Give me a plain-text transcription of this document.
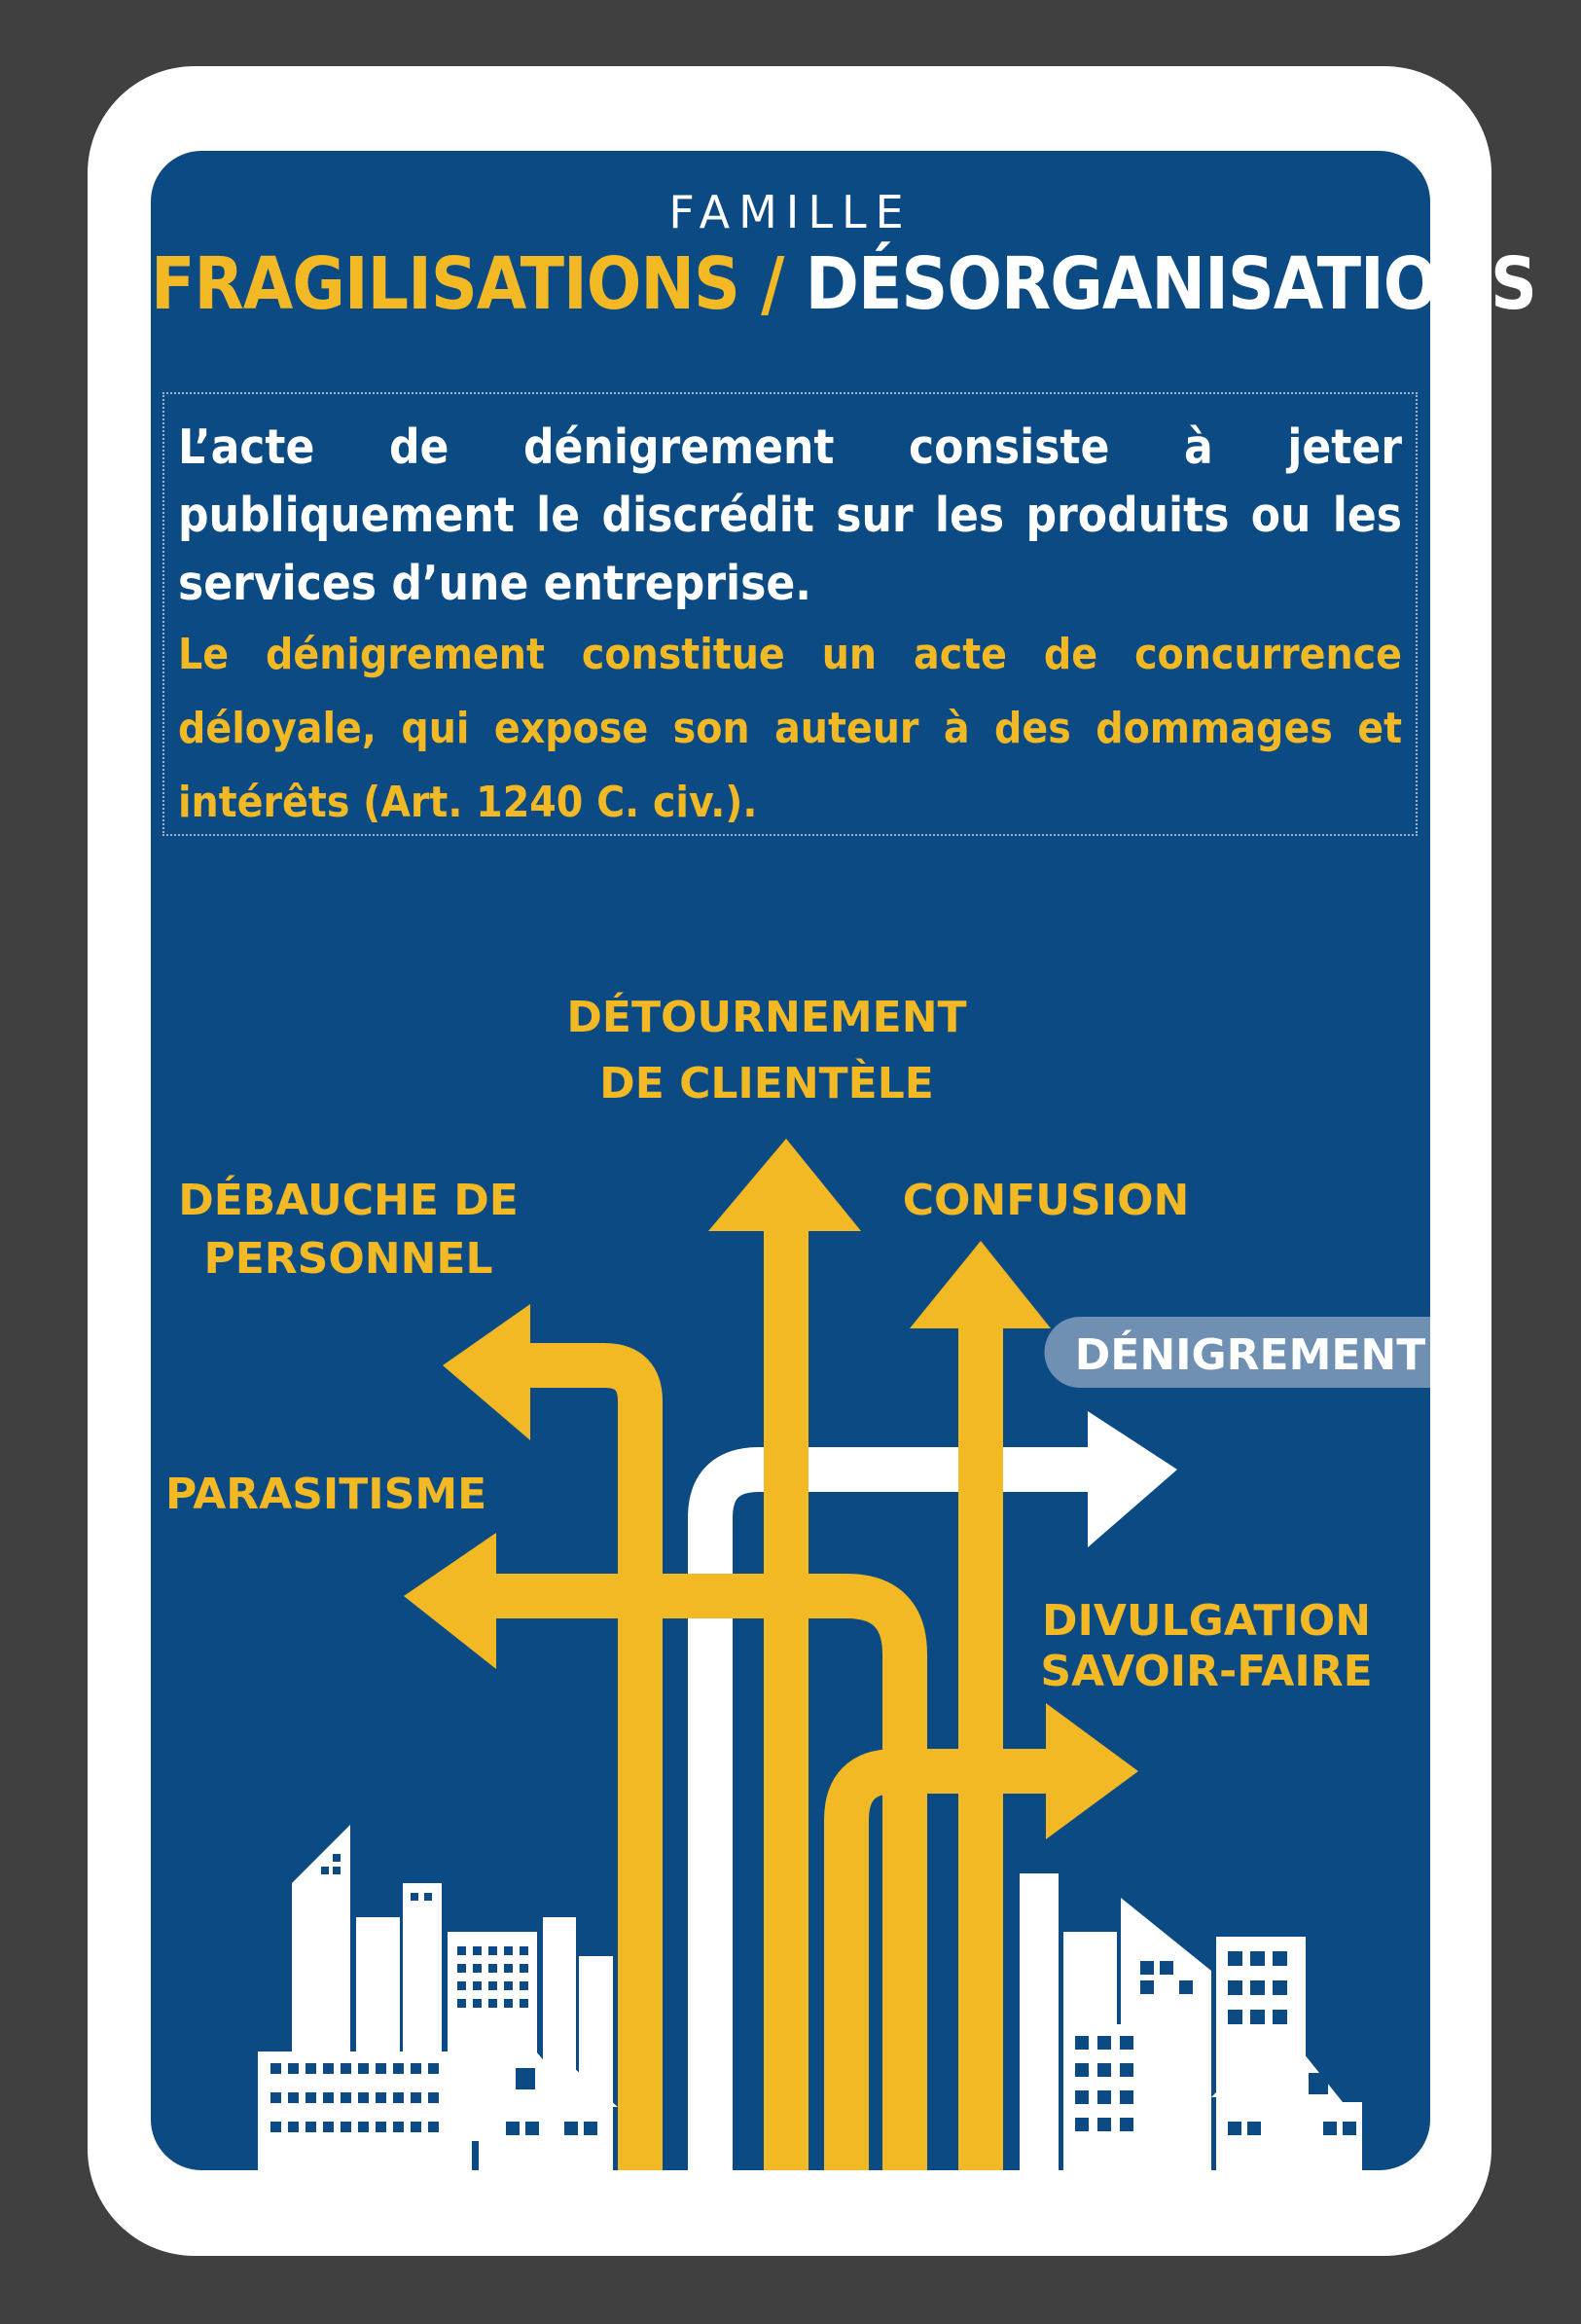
FAMILLE
FRAGILISATIONS / DÉSORGANISATIONS

L’acte de dénigrement consiste à jeter publiquement le discrédit sur les produits ou les services d’une entreprise.

Le dénigrement constitue un acte de concurrence déloyale, qui expose son auteur à des dommages et intérêts (Art. 1240 C. civ.).

DÉTOURNEMENT
DE CLIENTÈLE
DÉBAUCHE DE
PERSONNEL
CONFUSION
PARASITISME
DIVULGATION
SAVOIR-FAIRE
DÉNIGREMENT
